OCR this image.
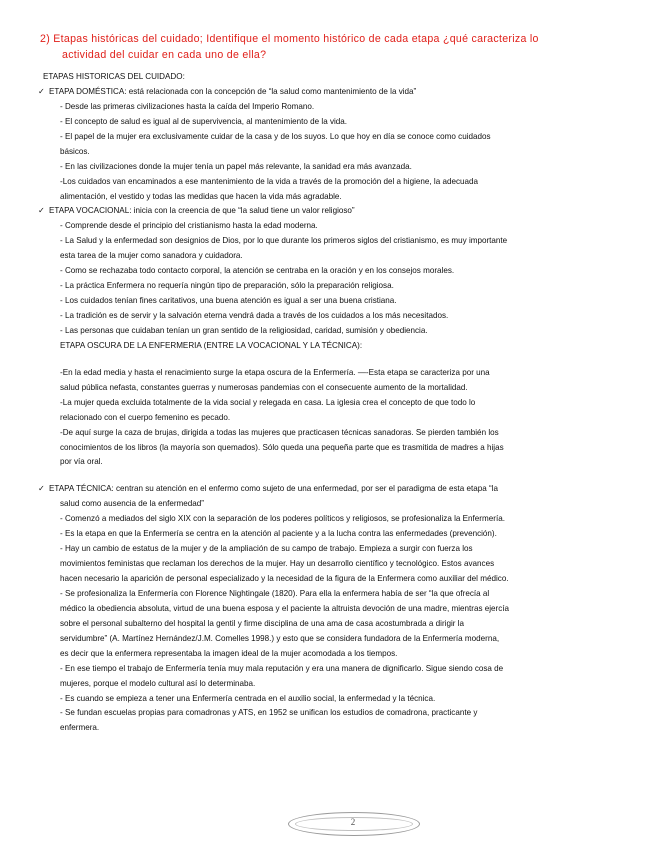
2) Etapas históricas del cuidado; Identifique el momento histórico de cada etapa ¿qué caracteriza lo
actividad del cuidar en cada uno de ella?
ETAPAS HISTORICAS DEL CUIDADO:
✓ ETAPA DOMÉSTICA: está relacionada con la concepción de “la salud como mantenimiento de la vida”
- Desde las primeras civilizaciones hasta la caída del Imperio Romano.
- El concepto de salud es igual al de supervivencia, al mantenimiento de la vida.
- El papel de la mujer era exclusivamente cuidar de la casa y de los suyos. Lo que hoy en día se conoce como cuidados
básicos.
- En las civilizaciones donde la mujer tenía un papel más relevante, la sanidad era más avanzada.
-Los cuidados van encaminados a ese mantenimiento de la vida a través de la promoción del a higiene, la adecuada
alimentación, el vestido y todas las medidas que hacen la vida más agradable.
✓ ETAPA VOCACIONAL: inicia con la creencia de que “la salud tiene un valor religioso”
- Comprende desde el principio del cristianismo hasta la edad moderna.
- La Salud y la enfermedad son designios de Dios, por lo que durante los primeros siglos del cristianismo, es muy importante
esta tarea de la mujer como sanadora y cuidadora.
- Como se rechazaba todo contacto corporal, la atención se centraba en la oración y en los consejos morales.
- La práctica Enfermera no requería ningún tipo de preparación, sólo la preparación religiosa.
- Los cuidados tenían fines caritativos, una buena atención es igual a ser una buena cristiana.
- La tradición es de servir y la salvación eterna vendrá dada a través de los cuidados a los más necesitados.
- Las personas que cuidaban tenían un gran sentido de la religiosidad, caridad, sumisión y obediencia.
ETAPA OSCURA DE LA ENFERMERIA (ENTRE LA VOCACIONAL Y LA TÉCNICA):
-En la edad media y hasta el renacimiento surge la etapa oscura de la Enfermería. —-Esta etapa se caracteriza por una
salud pública nefasta, constantes guerras y numerosas pandemias con el consecuente aumento de la mortalidad.
-La mujer queda excluida totalmente de la vida social y relegada en casa. La iglesia crea el concepto de que todo lo
relacionado con el cuerpo femenino es pecado.
-De aquí surge la caza de brujas, dirigida a todas las mujeres que practicasen técnicas sanadoras. Se pierden también los
conocimientos de los libros (la mayoría son quemados). Sólo queda una pequeña parte que es trasmitida de madres a hijas
por vía oral.
✓ ETAPA TÉCNICA: centran su atención en el enfermo como sujeto de una enfermedad, por ser el paradigma de esta etapa “la
salud como ausencia de la enfermedad”
- Comenzó a mediados del siglo XIX con la separación de los poderes políticos y religiosos, se profesionaliza la Enfermería.
- Es la etapa en que la Enfermería se centra en la atención al paciente y a la lucha contra las enfermedades (prevención).
- Hay un cambio de estatus de la mujer y de la ampliación de su campo de trabajo. Empieza a surgir con fuerza los
movimientos feministas que reclaman los derechos de la mujer. Hay un desarrollo científico y tecnológico. Estos avances
hacen necesario la aparición de personal especializado y la necesidad de la figura de la Enfermera como auxiliar del médico.
- Se profesionaliza la Enfermería con Florence Nightingale (1820). Para ella la enfermera había de ser “la que ofrecía al
médico la obediencia absoluta, virtud de una buena esposa y el paciente la altruista devoción de una madre, mientras ejercía
sobre el personal subalterno del hospital la gentil y firme disciplina de una ama de casa acostumbrada a dirigir la
servidumbre” (A. Martínez Hernández/J.M. Comelles 1998.) y esto que se considera fundadora de la Enfermería moderna,
es decir que la enfermera representaba la imagen ideal de la mujer acomodada a los tiempos.
- En ese tiempo el trabajo de Enfermería tenía muy mala reputación y era una manera de dignificarlo. Sigue siendo cosa de
mujeres, porque el modelo cultural así lo determinaba.
- Es cuando se empieza a tener una Enfermería centrada en el auxilio social, la enfermedad y la técnica.
- Se fundan escuelas propias para comadronas y ATS, en 1952 se unifican los estudios de comadrona, practicante y
enfermera.
2
